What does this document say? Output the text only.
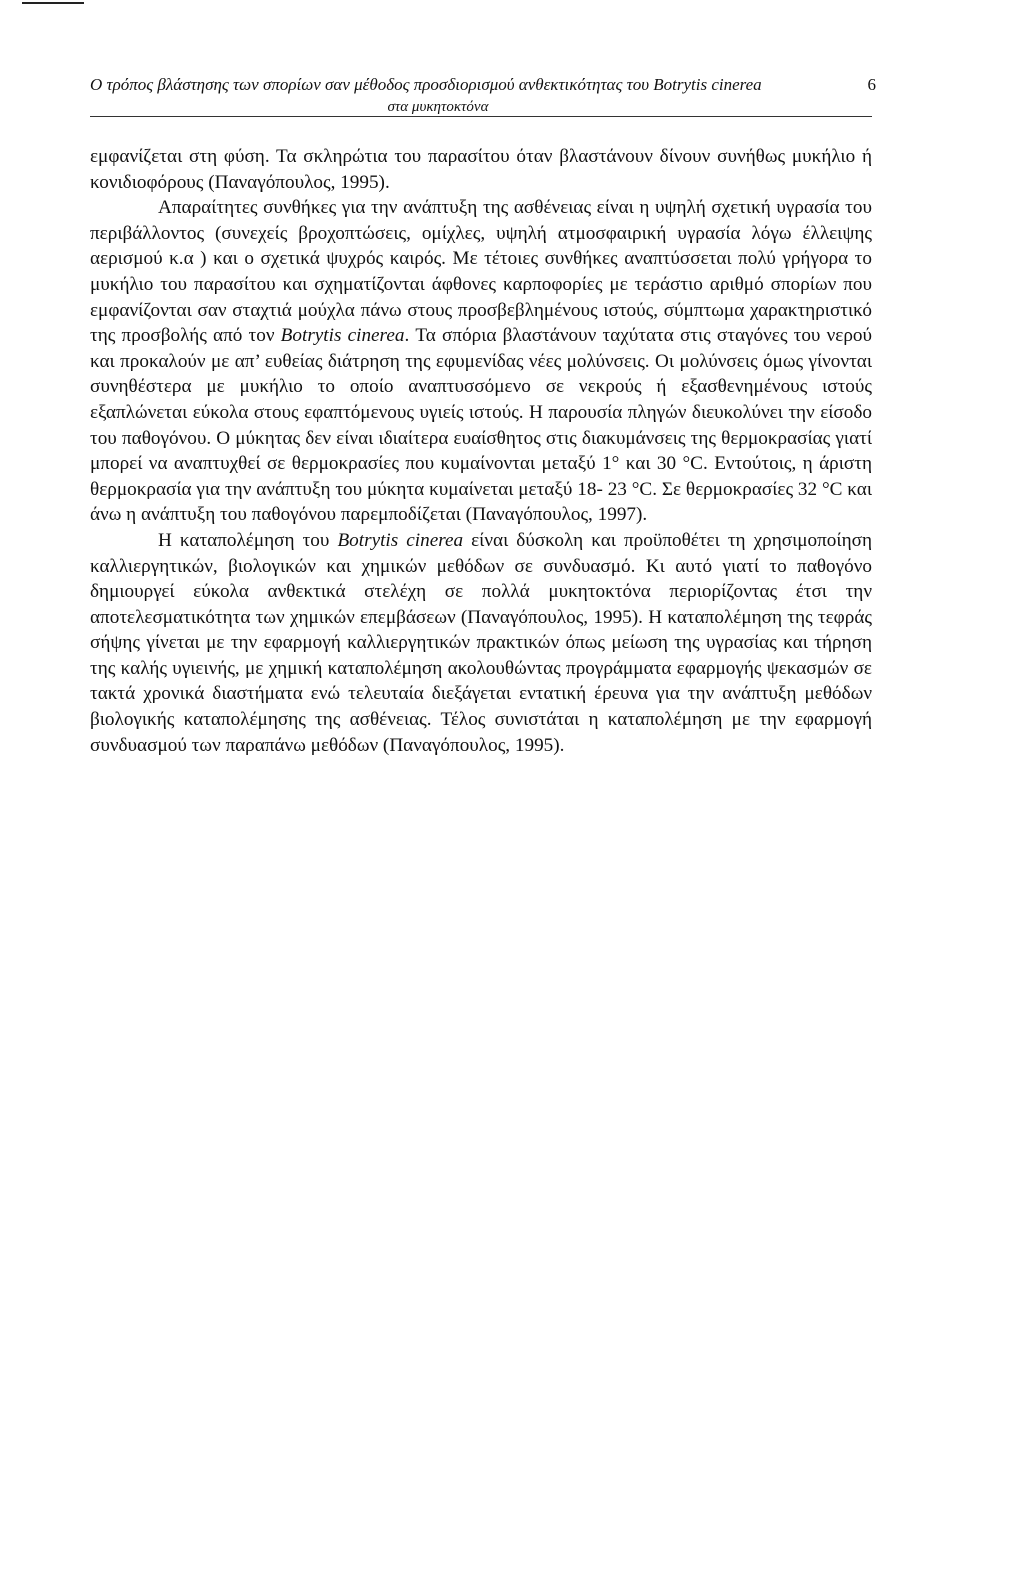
Ο τρόπος βλάστησης των σπορίων σαν μέθοδος προσδιορισμού ανθεκτικότητας του Botrytis cinerea
στα μυκητοκτόνα
6

εμφανίζεται στη φύση. Τα σκληρώτια του παρασίτου όταν βλαστάνουν δίνουν συνήθως μυκήλιο ή κονιδιοφόρους (Παναγόπουλος, 1995).

Απαραίτητες συνθήκες για την ανάπτυξη της ασθένειας είναι η υψηλή σχετική υγρασία του περιβάλλοντος (συνεχείς βροχοπτώσεις, ομίχλες, υψηλή ατμοσφαιρική υγρασία λόγω έλλειψης αερισμού κ.α ) και ο σχετικά ψυχρός καιρός. Με τέτοιες συνθήκες αναπτύσσεται πολύ γρήγορα το μυκήλιο του παρασίτου και σχηματίζονται άφθονες καρποφορίες με τεράστιο αριθμό σπορίων που εμφανίζονται σαν σταχτιά μούχλα πάνω στους προσβεβλημένους ιστούς, σύμπτωμα χαρακτηριστικό της προσβολής από τον Botrytis cinerea. Τα σπόρια βλαστάνουν ταχύτατα στις σταγόνες του νερού και προκαλούν με απ’ ευθείας διάτρηση της εφυμενίδας νέες μολύνσεις. Οι μολύνσεις όμως γίνονται συνηθέστερα με μυκήλιο το οποίο αναπτυσσόμενο σε νεκρούς ή εξασθενημένους ιστούς εξαπλώνεται εύκολα στους εφαπτόμενους υγιείς ιστούς. Η παρουσία πληγών διευκολύνει την είσοδο του παθογόνου. Ο μύκητας δεν είναι ιδιαίτερα ευαίσθητος στις διακυμάνσεις της θερμοκρασίας γιατί μπορεί να αναπτυχθεί σε θερμοκρασίες που κυμαίνονται μεταξύ 1° και 30 °C. Εντούτοις, η άριστη θερμοκρασία για την ανάπτυξη του μύκητα κυμαίνεται μεταξύ 18- 23 °C. Σε θερμοκρασίες 32 °C και άνω η ανάπτυξη του παθογόνου παρεμποδίζεται (Παναγόπουλος, 1997).

Η καταπολέμηση του Botrytis cinerea είναι δύσκολη και προϋποθέτει τη χρησιμοποίηση καλλιεργητικών, βιολογικών και χημικών μεθόδων σε συνδυασμό. Κι αυτό γιατί το παθογόνο δημιουργεί εύκολα ανθεκτικά στελέχη σε πολλά μυκητοκτόνα περιορίζοντας έτσι την αποτελεσματικότητα των χημικών επεμβάσεων (Παναγόπουλος, 1995). Η καταπολέμηση της τεφράς σήψης γίνεται με την εφαρμογή καλλιεργητικών πρακτικών όπως μείωση της υγρασίας και τήρηση της καλής υγιεινής, με χημική καταπολέμηση ακολουθώντας προγράμματα εφαρμογής ψεκασμών σε τακτά χρονικά διαστήματα ενώ τελευταία διεξάγεται εντατική έρευνα για την ανάπτυξη μεθόδων βιολογικής καταπολέμησης της ασθένειας. Τέλος συνιστάται η καταπολέμηση με την εφαρμογή συνδυασμού των παραπάνω μεθόδων (Παναγόπουλος, 1995).
